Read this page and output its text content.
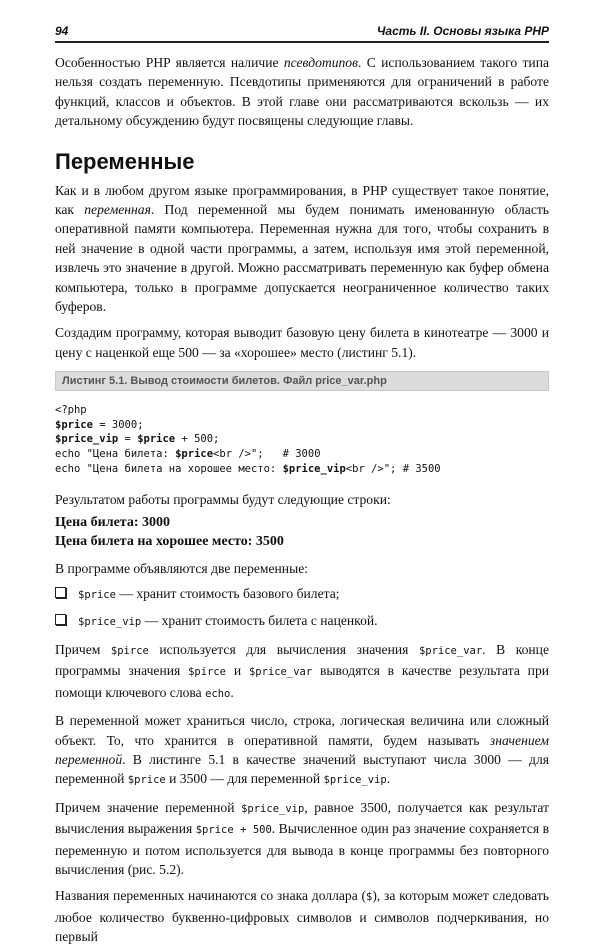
94	Часть II. Основы языка PHP

Особенностью PHP является наличие псевдотипов. С использованием такого типа нельзя создать переменную. Псевдотипы применяются для ограничений в работе функций, классов и объектов. В этой главе они рассматриваются вскользь — их детальному обсуждению будут посвящены следующие главы.

Переменные

Как и в любом другом языке программирования, в PHP существует такое понятие, как переменная. Под переменной мы будем понимать именованную область оперативной памяти компьютера. Переменная нужна для того, чтобы сохранить в ней значение в одной части программы, а затем, используя имя этой переменной, извлечь это значение в другой. Можно рассматривать переменную как буфер обмена компьютера, только в программе допускается неограниченное количество таких буферов.

Создадим программу, которая выводит базовую цену билета в кинотеатре — 3000 и цену с наценкой еще 500 — за «хорошее» место (листинг 5.1).

Листинг 5.1. Вывод стоимости билетов. Файл price_var.php
<?php
$price = 3000;
$price_vip = $price + 500;
echo "Цена билета: $price<br />";   # 3000
echo "Цена билета на хорошее место: $price_vip<br />"; # 3500

Результатом работы программы будут следующие строки:

Цена билета: 3000
Цена билета на хорошее место: 3500

В программе объявляются две переменные:

$price — хранит стоимость базового билета;
$price_vip — хранит стоимость билета с наценкой.

Причем $pirce используется для вычисления значения $price_var. В конце программы значения $pirce и $price_var выводятся в качестве результата при помощи ключевого слова echo.

В переменной может храниться число, строка, логическая величина или сложный объект. То, что хранится в оперативной памяти, будем называть значением переменной. В листинге 5.1 в качестве значений выступают числа 3000 — для переменной $price и 3500 — для переменной $price_vip.

Причем значение переменной $price_vip, равное 3500, получается как результат вычисления выражения $price + 500. Вычисленное один раз значение сохраняется в переменную и потом используется для вывода в конце программы без повторного вычисления (рис. 5.2).

Названия переменных начинаются со знака доллара ($), за которым может следовать любое количество буквенно-цифровых символов и символов подчеркивания, но первый
